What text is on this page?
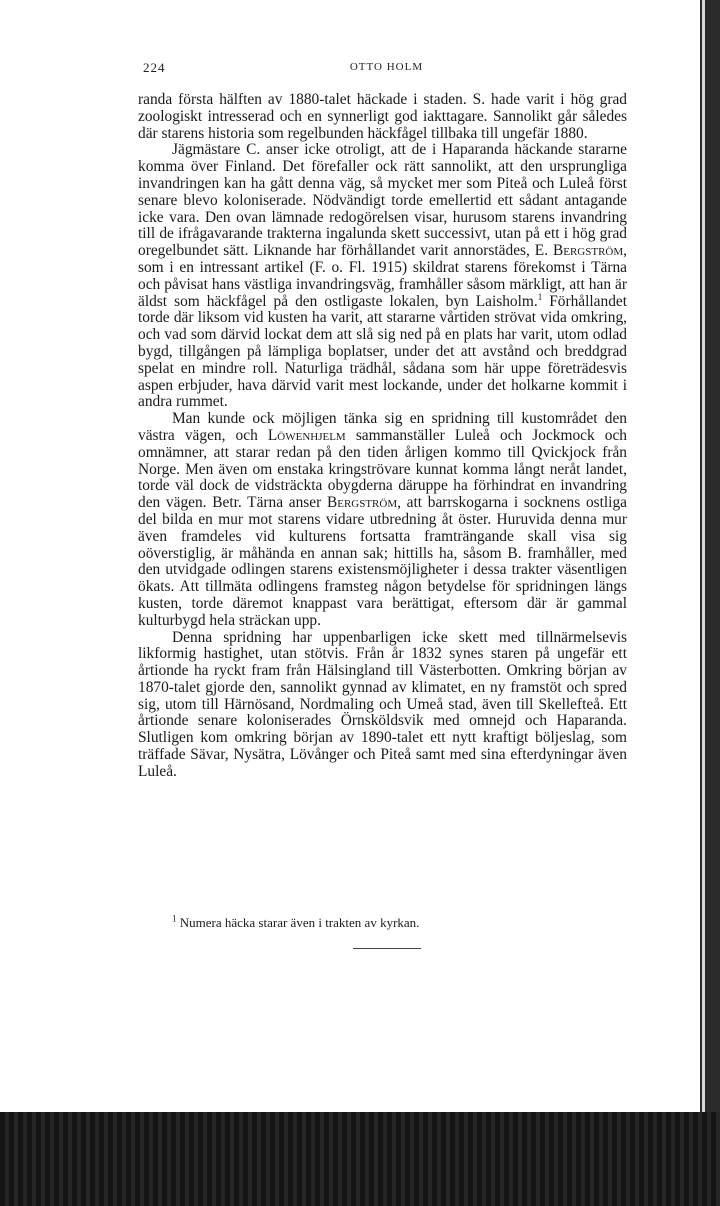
224	OTTO HOLM

randa första hälften av 1880-talet häckade i staden. S. hade varit i hög grad zoologiskt intresserad och en synnerligt god iakttagare. Sannolikt går således där starens historia som regelbunden häckfågel tillbaka till ungefär 1880.

Jägmästare C. anser icke otroligt, att de i Haparanda häckande stararne komma över Finland. Det förefaller ock rätt sannolikt, att den ursprungliga invandringen kan ha gått denna väg, så mycket mer som Piteå och Luleå först senare blevo koloniserade. Nödvändigt torde emellertid ett sådant antagande icke vara. Den ovan lämnade redogörelsen visar, hurusom starens invandring till de ifrågavarande trakterna ingalunda skett successivt, utan på ett i hög grad oregelbundet sätt. Liknande har förhållandet varit annorstädes, E. Bergström, som i en intressant artikel (F. o. Fl. 1915) skildrat starens förekomst i Tärna och påvisat hans västliga invandringsväg, framhåller såsom märkligt, att han är äldst som häckfågel på den ostligaste lokalen, byn Laisholm.$^1$ Förhållandet torde där liksom vid kusten ha varit, att stararne vårtiden strövat vida omkring, och vad som därvid lockat dem att slå sig ned på en plats har varit, utom odlad bygd, tillgången på lämpliga boplatser, under det att avstånd och breddgrad spelat en mindre roll. Naturliga trädhål, sådana som här uppe företrädesvis aspen erbjuder, hava därvid varit mest lockande, under det holkarne kommit i andra rummet.

Man kunde ock möjligen tänka sig en spridning till kustområdet den västra vägen, och Löwenhjelm sammanställer Luleå och Jockmock och omnämner, att starar redan på den tiden årligen kommo till Qvickjock från Norge. Men även om enstaka kringströvare kunnat komma långt neråt landet, torde väl dock de vidsträckta obygderna däruppe ha förhindrat en invandring den vägen. Betr. Tärna anser Bergström, att barrskogarna i socknens ostliga del bilda en mur mot starens vidare utbredning åt öster. Huruvida denna mur även framdeles vid kulturens fortsatta framträngande skall visa sig oöverstiglig, är måhända en annan sak; hittills ha, såsom B. framhåller, med den utvidgade odlingen starens existensmöjligheter i dessa trakter väsentligen ökats. Att tillmäta odlingens framsteg någon betydelse för spridningen längs kusten, torde däremot knappast vara berättigat, eftersom där är gammal kulturbygd hela sträckan upp.

Denna spridning har uppenbarligen icke skett med tillnärmelsevis likformig hastighet, utan stötvis. Från år 1832 synes staren på ungefär ett årtionde ha ryckt fram från Hälsingland till Västerbotten. Omkring början av 1870-talet gjorde den, sannolikt gynnad av klimatet, en ny framstöt och spred sig, utom till Härnösand, Nordmaling och Umeå stad, även till Skellefteå. Ett årtionde senare koloniserades Örnsköldsvik med omnejd och Haparanda. Slutligen kom omkring början av 1890-talet ett nytt kraftigt böljeslag, som träffade Sävar, Nysätra, Lövånger och Piteå samt med sina efterdyningar även Luleå.

$^1$ Numera häcka starar även i trakten av kyrkan.
